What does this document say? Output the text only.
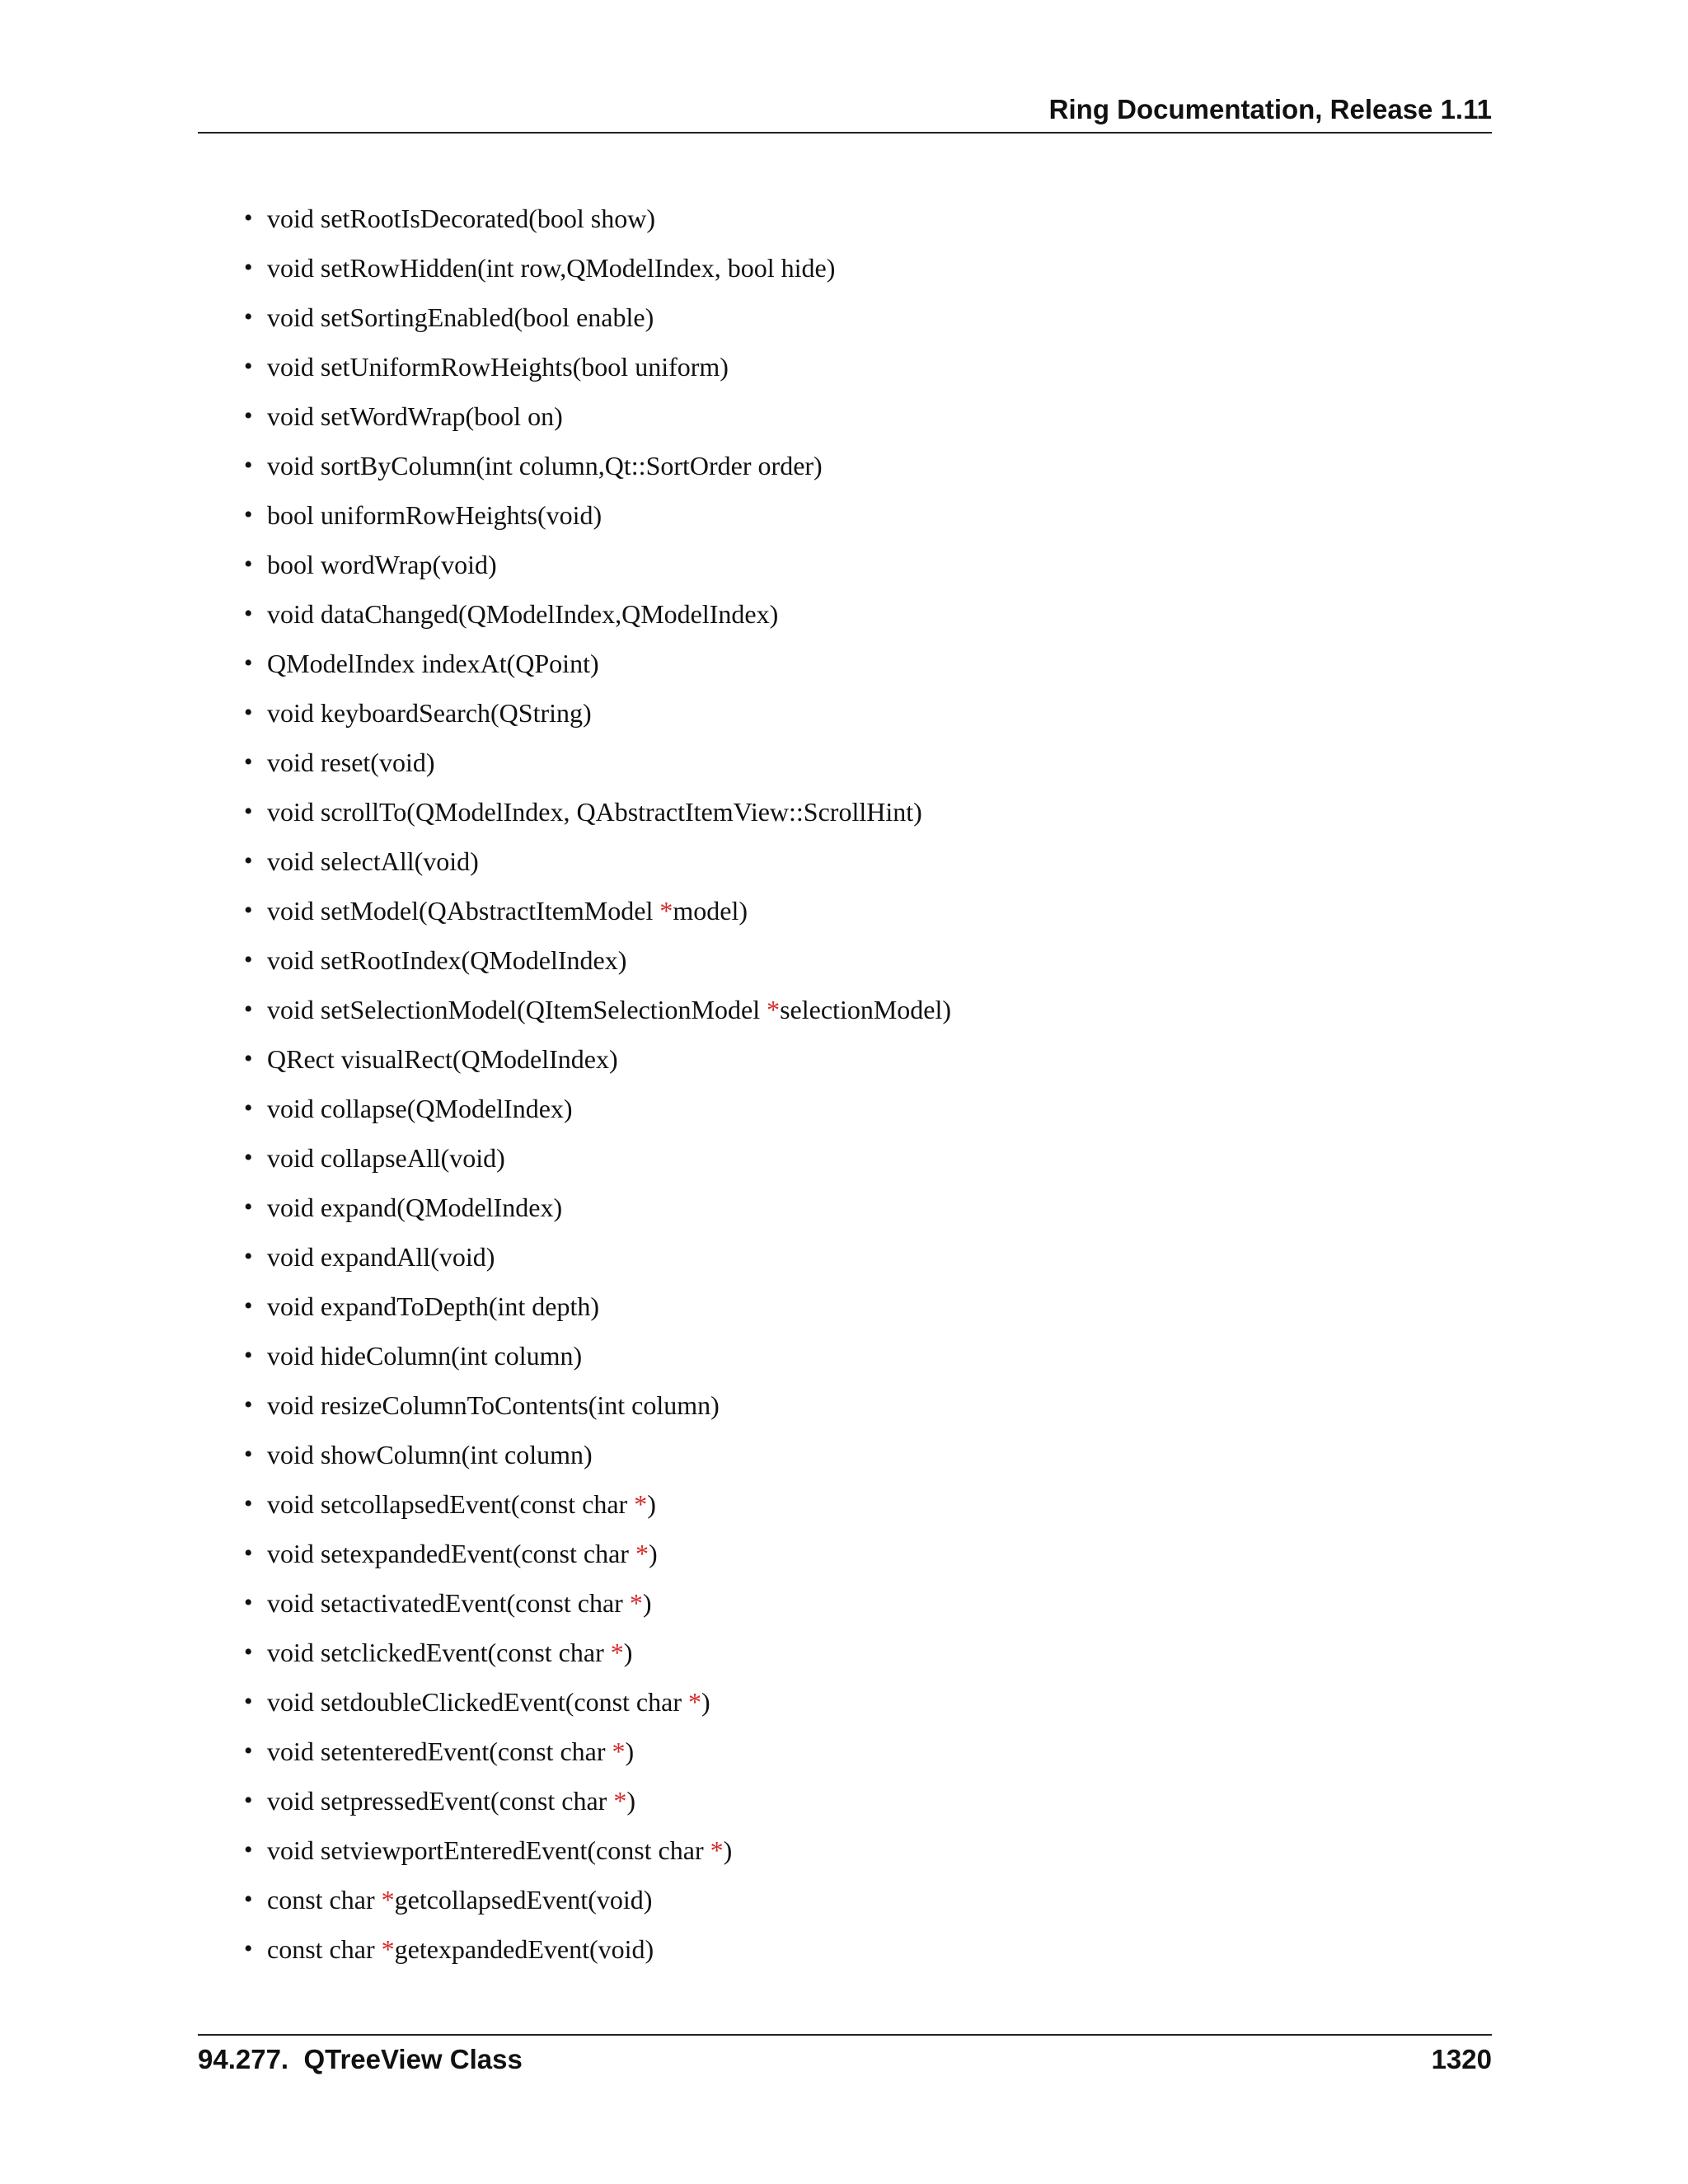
Ring Documentation, Release 1.11
• void setRootIsDecorated(bool show)
• void setRowHidden(int row,QModelIndex, bool hide)
• void setSortingEnabled(bool enable)
• void setUniformRowHeights(bool uniform)
• void setWordWrap(bool on)
• void sortByColumn(int column,Qt::SortOrder order)
• bool uniformRowHeights(void)
• bool wordWrap(void)
• void dataChanged(QModelIndex,QModelIndex)
• QModelIndex indexAt(QPoint)
• void keyboardSearch(QString)
• void reset(void)
• void scrollTo(QModelIndex, QAbstractItemView::ScrollHint)
• void selectAll(void)
• void setModel(QAbstractItemModel *model)
• void setRootIndex(QModelIndex)
• void setSelectionModel(QItemSelectionModel *selectionModel)
• QRect visualRect(QModelIndex)
• void collapse(QModelIndex)
• void collapseAll(void)
• void expand(QModelIndex)
• void expandAll(void)
• void expandToDepth(int depth)
• void hideColumn(int column)
• void resizeColumnToContents(int column)
• void showColumn(int column)
• void setcollapsedEvent(const char *)
• void setexpandedEvent(const char *)
• void setactivatedEvent(const char *)
• void setclickedEvent(const char *)
• void setdoubleClickedEvent(const char *)
• void setenteredEvent(const char *)
• void setpressedEvent(const char *)
• void setviewportEnteredEvent(const char *)
• const char *getcollapsedEvent(void)
• const char *getexpandedEvent(void)
94.277.  QTreeView Class	1320
